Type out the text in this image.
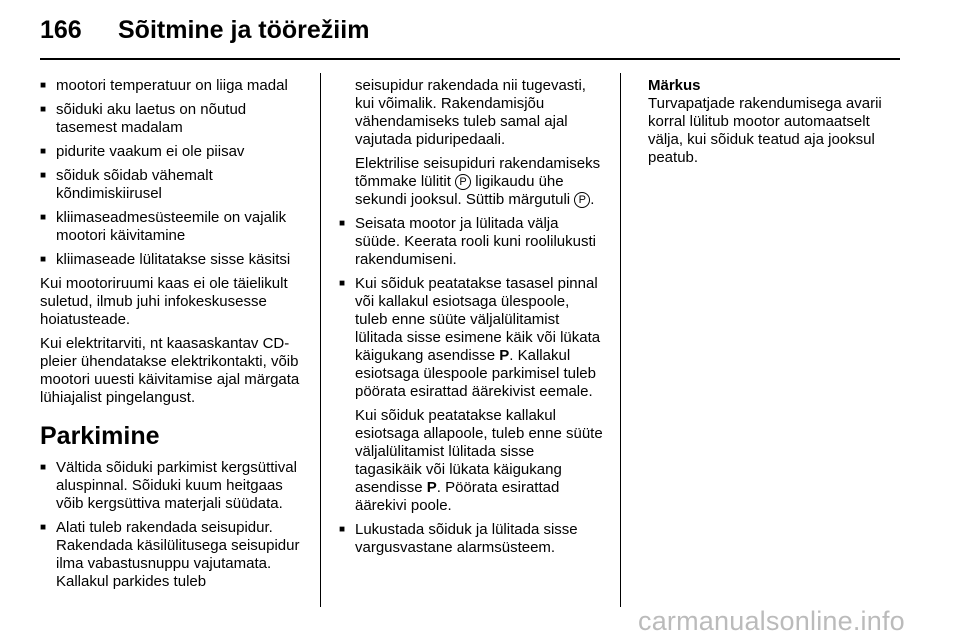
166 Sõitmine ja töörežiim
■ mootori temperatuur on liiga madal
■ sõiduki aku laetus on nõutud tasemest madalam
■ pidurite vaakum ei ole piisav
■ sõiduk sõidab vähemalt kõndimiskiirusel
■ kliimaseadmesüsteemile on vajalik mootori käivitamine
■ kliimaseade lülitatakse sisse käsitsi
Kui mootoriruumi kaas ei ole täielikult suletud, ilmub juhi infokeskusesse hoiatusteade.
Kui elektritarviti, nt kaasaskantav CD-pleier ühendatakse elektrikontakti, võib mootori uuesti käivitamise ajal märgata lühiajalist pingelangust.
Parkimine
■ Vältida sõiduki parkimist kergsüttival aluspinnal. Sõiduki kuum heitgaas võib kergsüttiva materjali süüdata.
■ Alati tuleb rakendada seisupidur. Rakendada käsilülitusega seisupidur ilma vabastusnuppu vajutamata. Kallakul parkides tuleb
seisupidur rakendada nii tugevasti, kui võimalik. Rakendamisjõu vähendamiseks tuleb samal ajal vajutada piduripedaali.
Elektrilise seisupiduri rakendamiseks tõmmake lülitit P ligikaudu ühe sekundi jooksul. Süttib märgutuli P .
■ Seisata mootor ja lülitada välja süüde. Keerata rooli kuni roolilukusti rakendumiseni.
■ Kui sõiduk peatatakse tasasel pinnal või kallakul esiotsaga ülespoole, tuleb enne süüte väljalülitamist lülitada sisse esimene käik või lükata käigukang asendisse P. Kallakul esiotsaga ülespoole parkimisel tuleb pöörata esirattad äärekivist eemale.
Kui sõiduk peatatakse kallakul esiotsaga allapoole, tuleb enne süüte väljalülitamist lülitada sisse tagasikäik või lükata käigukang asendisse P. Pöörata esirattad äärekivi poole.
■ Lukustada sõiduk ja lülitada sisse vargusvastane alarmsüsteem.
Märkus
Turvapatjade rakendumisega avarii korral lülitub mootor automaatselt välja, kui sõiduk teatud aja jooksul peatub.
carmanualsonline.info
